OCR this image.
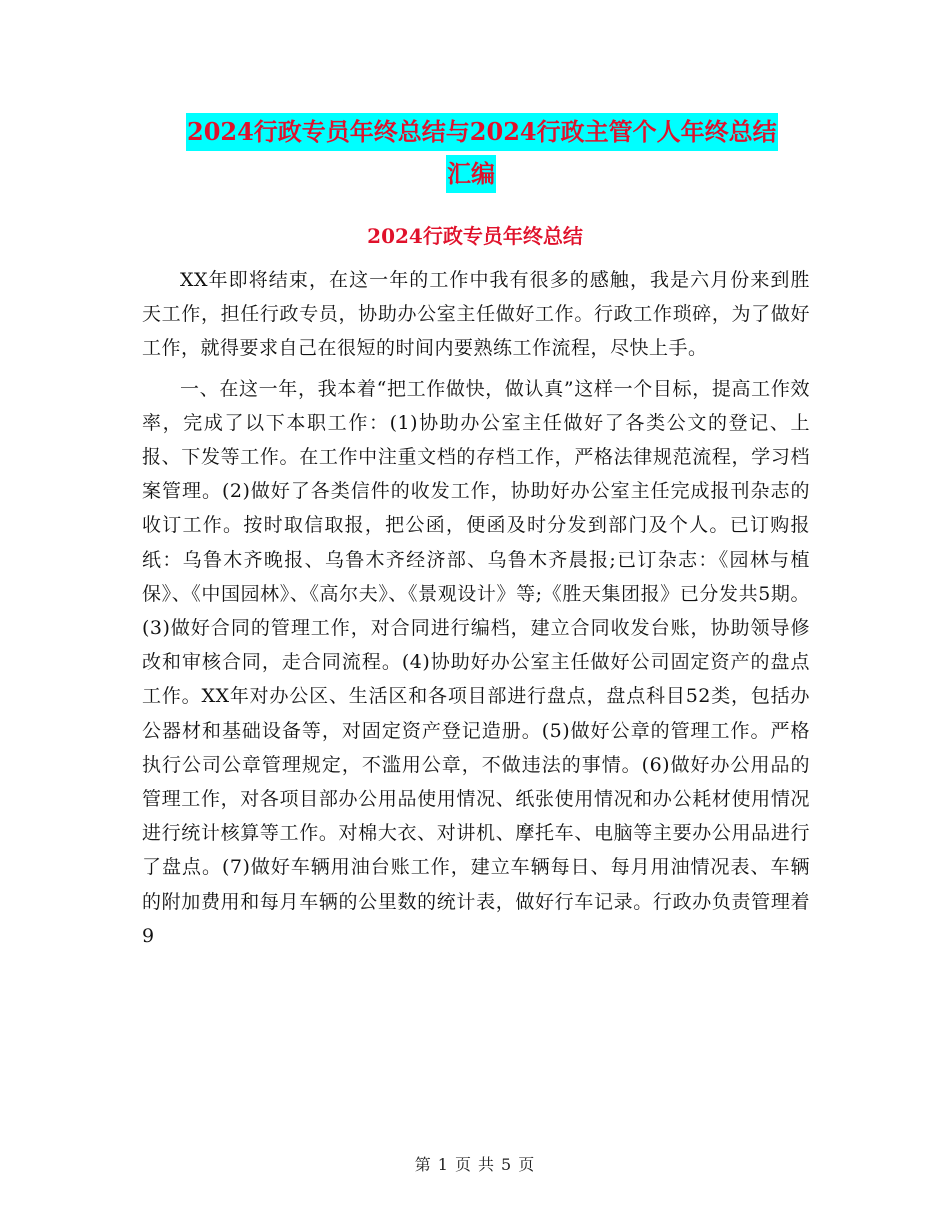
2024行政专员年终总结与2024行政主管个人年终总结
汇编
2024行政专员年终总结

XX年即将结束，在这一年的工作中我有很多的感触，我是六月份来到胜天工作，担任行政专员，协助办公室主任做好工作。行政工作琐碎，为了做好工作，就得要求自己在很短的时间内要熟练工作流程，尽快上手。

一、在这一年，我本着“把工作做快，做认真”这样一个目标，提高工作效率，完成了以下本职工作：(1)协助办公室主任做好了各类公文的登记、上报、下发等工作。在工作中注重文档的存档工作，严格法律规范流程，学习档案管理。(2)做好了各类信件的收发工作，协助好办公室主任完成报刊杂志的收订工作。按时取信取报，把公函，便函及时分发到部门及个人。已订购报纸：乌鲁木齐晚报、乌鲁木齐经济部、乌鲁木齐晨报;已订杂志：《园林与植保》、《中国园林》、《高尔夫》、《景观设计》等;《胜天集团报》已分发共5期。(3)做好合同的管理工作，对合同进行编档，建立合同收发台账，协助领导修改和审核合同，走合同流程。(4)协助好办公室主任做好公司固定资产的盘点工作。XX年对办公区、生活区和各项目部进行盘点，盘点科目52类，包括办公器材和基础设备等，对固定资产登记造册。(5)做好公章的管理工作。严格执行公司公章管理规定，不滥用公章，不做违法的事情。(6)做好办公用品的管理工作，对各项目部办公用品使用情况、纸张使用情况和办公耗材使用情况进行统计核算等工作。对棉大衣、对讲机、摩托车、电脑等主要办公用品进行了盘点。(7)做好车辆用油台账工作，建立车辆每日、每月用油情况表、车辆的附加费用和每月车辆的公里数的统计表，做好行车记录。行政办负责管理着9

第 1 页 共 5 页
